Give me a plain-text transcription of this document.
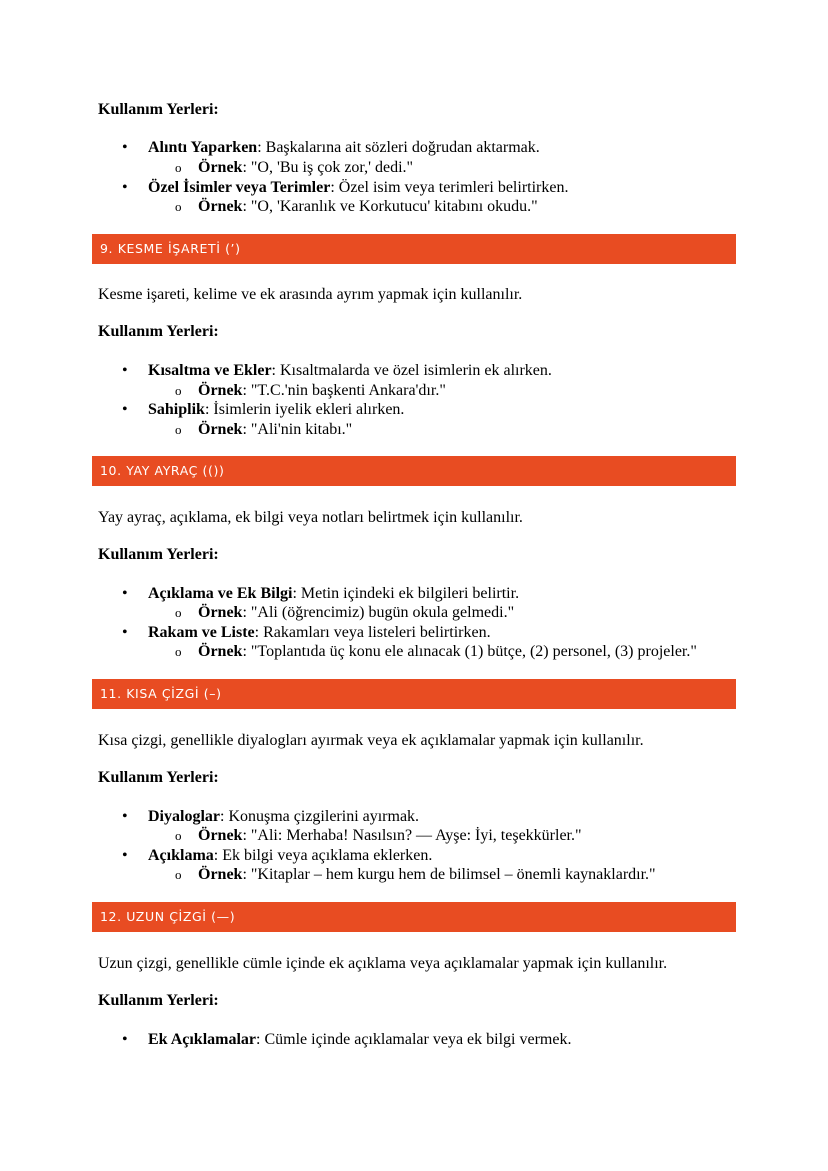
Kullanım Yerleri:
• Alıntı Yaparken: Başkalarına ait sözleri doğrudan aktarmak.
o Örnek: "O, 'Bu iş çok zor,' dedi."
• Özel İsimler veya Terimler: Özel isim veya terimleri belirtirken.
o Örnek: "O, 'Karanlık ve Korkutucu' kitabını okudu."
9. KESME İŞARETİ (’)
Kesme işareti, kelime ve ek arasında ayrım yapmak için kullanılır.
Kullanım Yerleri:
• Kısaltma ve Ekler: Kısaltmalarda ve özel isimlerin ek alırken.
o Örnek: "T.C.'nin başkenti Ankara'dır."
• Sahiplik: İsimlerin iyelik ekleri alırken.
o Örnek: "Ali'nin kitabı."
10. YAY AYRAÇ (())
Yay ayraç, açıklama, ek bilgi veya notları belirtmek için kullanılır.
Kullanım Yerleri:
• Açıklama ve Ek Bilgi: Metin içindeki ek bilgileri belirtir.
o Örnek: "Ali (öğrencimiz) bugün okula gelmedi."
• Rakam ve Liste: Rakamları veya listeleri belirtirken.
o Örnek: "Toplantıda üç konu ele alınacak (1) bütçe, (2) personel, (3) projeler."
11. KISA ÇİZGİ (–)
Kısa çizgi, genellikle diyalogları ayırmak veya ek açıklamalar yapmak için kullanılır.
Kullanım Yerleri:
• Diyaloglar: Konuşma çizgilerini ayırmak.
o Örnek: "Ali: Merhaba! Nasılsın? — Ayşe: İyi, teşekkürler."
• Açıklama: Ek bilgi veya açıklama eklerken.
o Örnek: "Kitaplar – hem kurgu hem de bilimsel – önemli kaynaklardır."
12. UZUN ÇİZGİ (—)
Uzun çizgi, genellikle cümle içinde ek açıklama veya açıklamalar yapmak için kullanılır.
Kullanım Yerleri:
• Ek Açıklamalar: Cümle içinde açıklamalar veya ek bilgi vermek.
